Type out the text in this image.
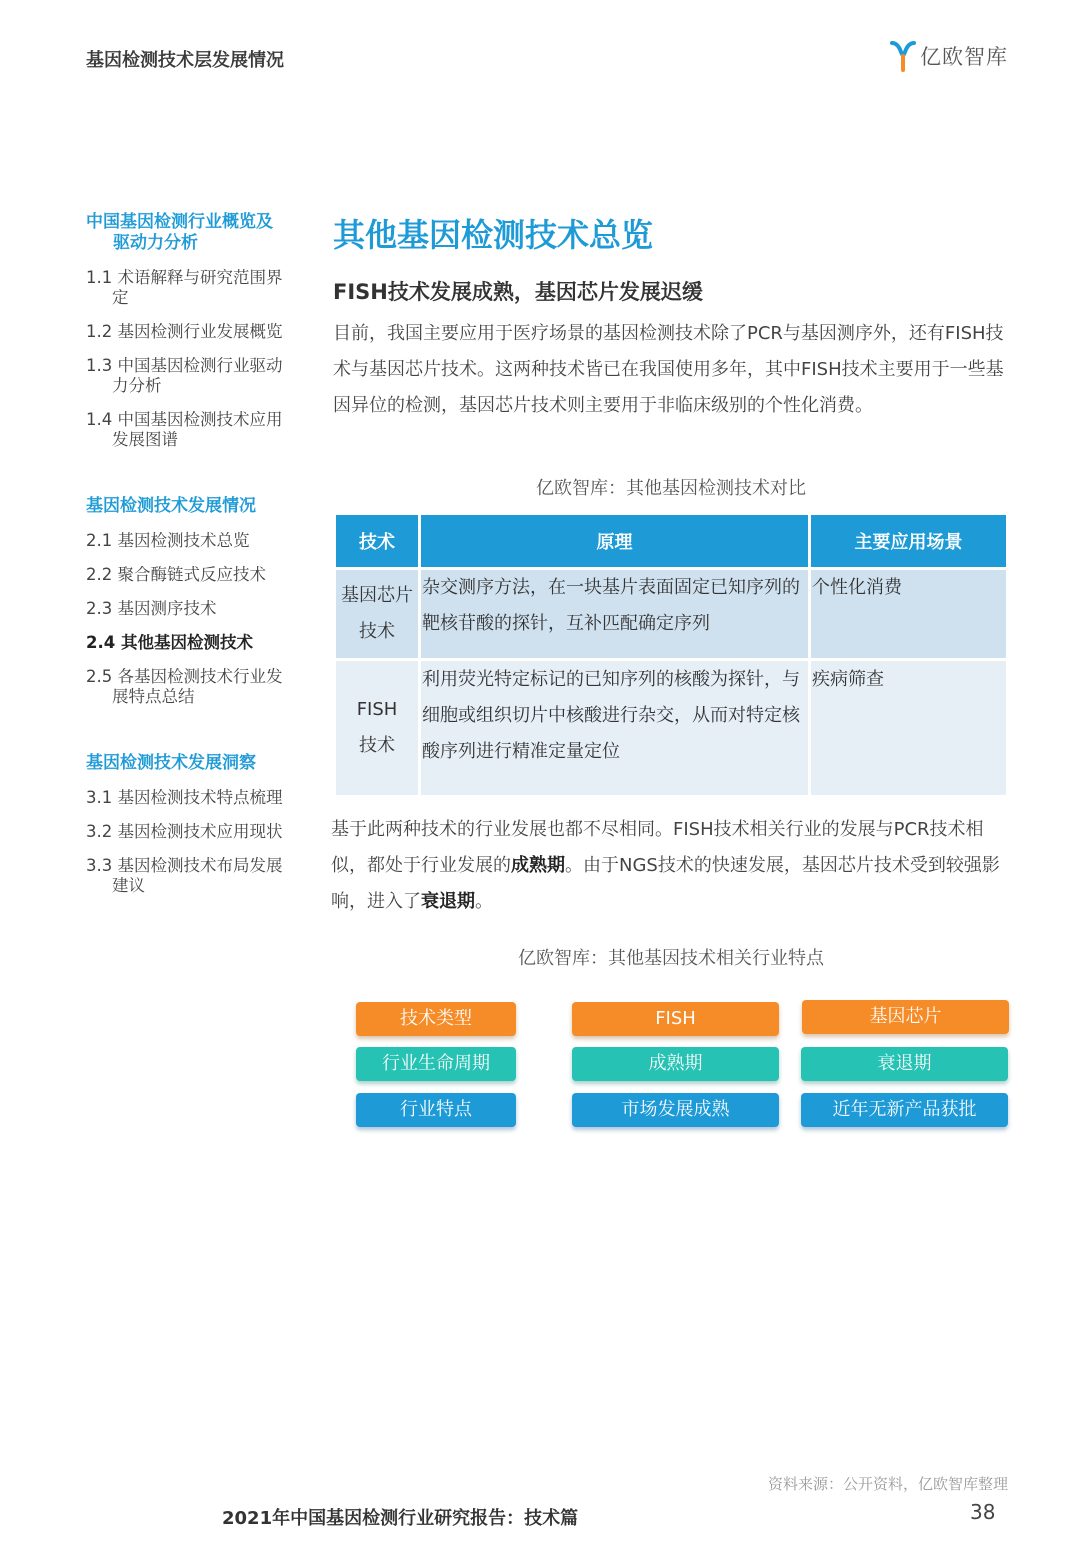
基因检测技术层发展情况	亿欧智库
中国基因检测行业概览及
驱动力分析
1.1 术语解释与研究范围界
定
1.2 基因检测行业发展概览
1.3 中国基因检测行业驱动
力分析
1.4 中国基因检测技术应用
发展图谱
基因检测技术发展情况
2.1 基因检测技术总览
2.2 聚合酶链式反应技术
2.3 基因测序技术
2.4 其他基因检测技术
2.5 各基因检测技术行业发
展特点总结
基因检测技术发展洞察
3.1 基因检测技术特点梳理
3.2 基因检测技术应用现状
3.3 基因检测技术布局发展
建议
其他基因检测技术总览
FISH技术发展成熟，基因芯片发展迟缓
目前，我国主要应用于医疗场景的基因检测技术除了PCR与基因测序外，还有FISH技术与基因芯片技术。这两种技术皆已在我国使用多年，其中FISH技术主要用于一些基因异位的检测，基因芯片技术则主要用于非临床级别的个性化消费。
亿欧智库：其他基因检测技术对比
技术	原理	主要应用场景

基因芯片
技术	杂交测序方法，在一块基片表面固定已知序列的靶核苷酸的探针，互补匹配确定序列	个性化消费

FISH
技术	利用荧光特定标记的已知序列的核酸为探针，与细胞或组织切片中核酸进行杂交，从而对特定核酸序列进行精准定量定位	疾病筛查
基于此两种技术的行业发展也都不尽相同。FISH技术相关行业的发展与PCR技术相似，都处于行业发展的成熟期。由于NGS技术的快速发展，基因芯片技术受到较强影响，进入了衰退期。
亿欧智库：其他基因技术相关行业特点
技术类型	FISH	基因芯片
行业生命周期	成熟期	衰退期
行业特点	市场发展成熟	近年无新产品获批
资料来源：公开资料，亿欧智库整理
2021年中国基因检测行业研究报告：技术篇	38
